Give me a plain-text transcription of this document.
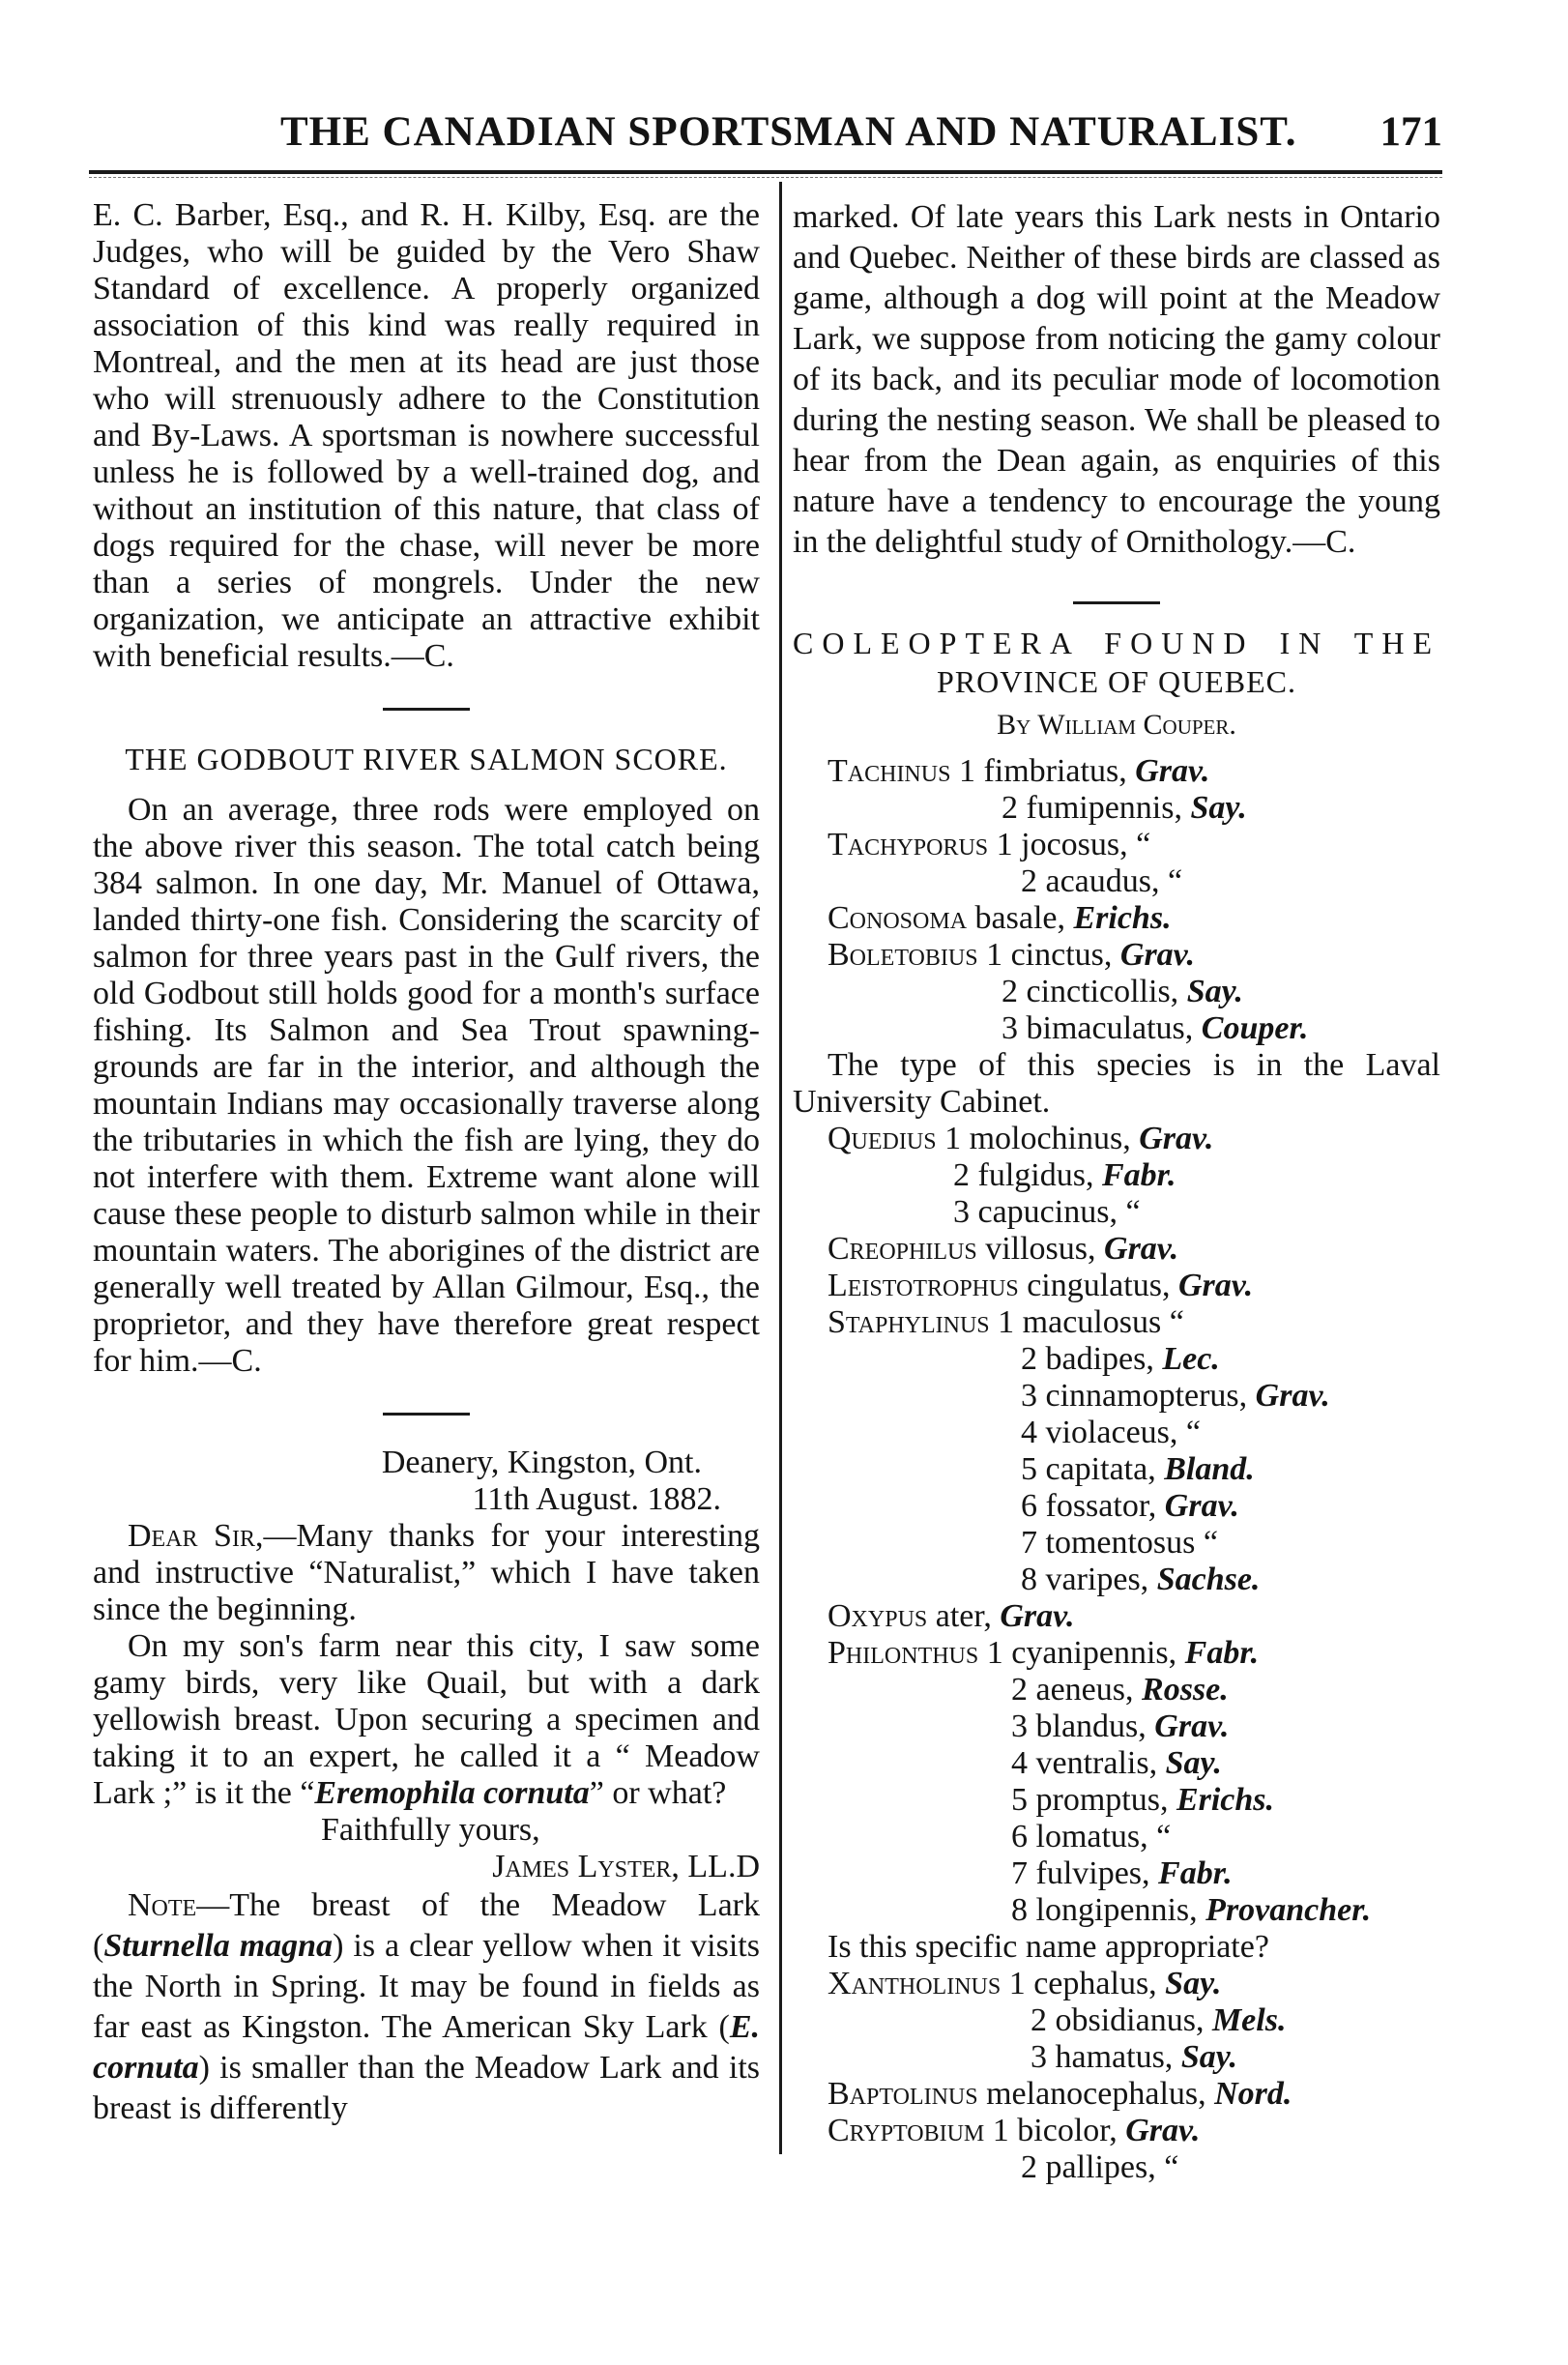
THE CANADIAN SPORTSMAN AND NATURALIST. 171

E. C. Barber, Esq., and R. H. Kilby, Esq. are the Judges, who will be guided by the Vero Shaw Standard of excellence. A properly organized association of this kind was really required in Montreal, and the men at its head are just those who will strenuously adhere to the Constitution and By-Laws. A sportsman is nowhere successful unless he is followed by a well-trained dog, and without an institution of this nature, that class of dogs required for the chase, will never be more than a series of mongrels. Under the new organization, we anticipate an attractive exhibit with beneficial results.—C.

THE GODBOUT RIVER SALMON SCORE.

On an average, three rods were employed on the above river this season. The total catch being 384 salmon. In one day, Mr. Manuel of Ottawa, landed thirty-one fish. Considering the scarcity of salmon for three years past in the Gulf rivers, the old Godbout still holds good for a month's surface fishing. Its Salmon and Sea Trout spawning-grounds are far in the interior, and although the mountain Indians may occasionally traverse along the tributaries in which the fish are lying, they do not interfere with them. Extreme want alone will cause these people to disturb salmon while in their mountain waters. The aborigines of the district are generally well treated by Allan Gilmour, Esq., the proprietor, and they have therefore great respect for him.—C.

Deanery, Kingston, Ont.

11th August. 1882.

Dear Sir,—Many thanks for your interesting and instructive “Naturalist,” which I have taken since the beginning.

On my son's farm near this city, I saw some gamy birds, very like Quail, but with a dark yellowish breast. Upon securing a specimen and taking it to an expert, he called it a “ Meadow Lark ;” is it the “Eremophila cornuta” or what?

Faithfully yours,

James Lyster, LL.D

Note—The breast of the Meadow Lark (Sturnella magna) is a clear yellow when it visits the North in Spring. It may be found in fields as far east as Kingston. The American Sky Lark (E. cornuta) is smaller than the Meadow Lark and its breast is differently

marked. Of late years this Lark nests in Ontario and Quebec. Neither of these birds are classed as game, although a dog will point at the Meadow Lark, we suppose from noticing the gamy colour of its back, and its peculiar mode of locomotion during the nesting season. We shall be pleased to hear from the Dean again, as enquiries of this nature have a tendency to encourage the young in the delightful study of Ornithology.—C.

COLEOPTERA FOUND IN THE
PROVINCE OF QUEBEC.
By William Couper.
Tachinus 1 fimbriatus, Grav.
2 fumipennis, Say.
Tachyporus 1 jocosus, “
2 acaudus, “
Conosoma basale, Erichs.
Boletobius 1 cinctus, Grav.
2 cincticollis, Say.
3 bimaculatus, Couper.

The type of this species is in the Laval University Cabinet.

Quedius 1 molochinus, Grav.
2 fulgidus, Fabr.
3 capucinus, “
Creophilus villosus, Grav.
Leistotrophus cingulatus, Grav.
Staphylinus 1 maculosus “
2 badipes, Lec.
3 cinnamopterus, Grav.
4 violaceus, “
5 capitata, Bland.
6 fossator, Grav.
7 tomentosus “
8 varipes, Sachse.
Oxypus ater, Grav.
Philonthus 1 cyanipennis, Fabr.
2 aeneus, Rosse.
3 blandus, Grav.
4 ventralis, Say.
5 promptus, Erichs.
6 lomatus, “
7 fulvipes, Fabr.
8 longipennis, Provancher.

Is this specific name appropriate?

Xantholinus 1 cephalus, Say.
2 obsidianus, Mels.
3 hamatus, Say.
Baptolinus melanocephalus, Nord.
Cryptobium 1 bicolor, Grav.
2 pallipes, “
